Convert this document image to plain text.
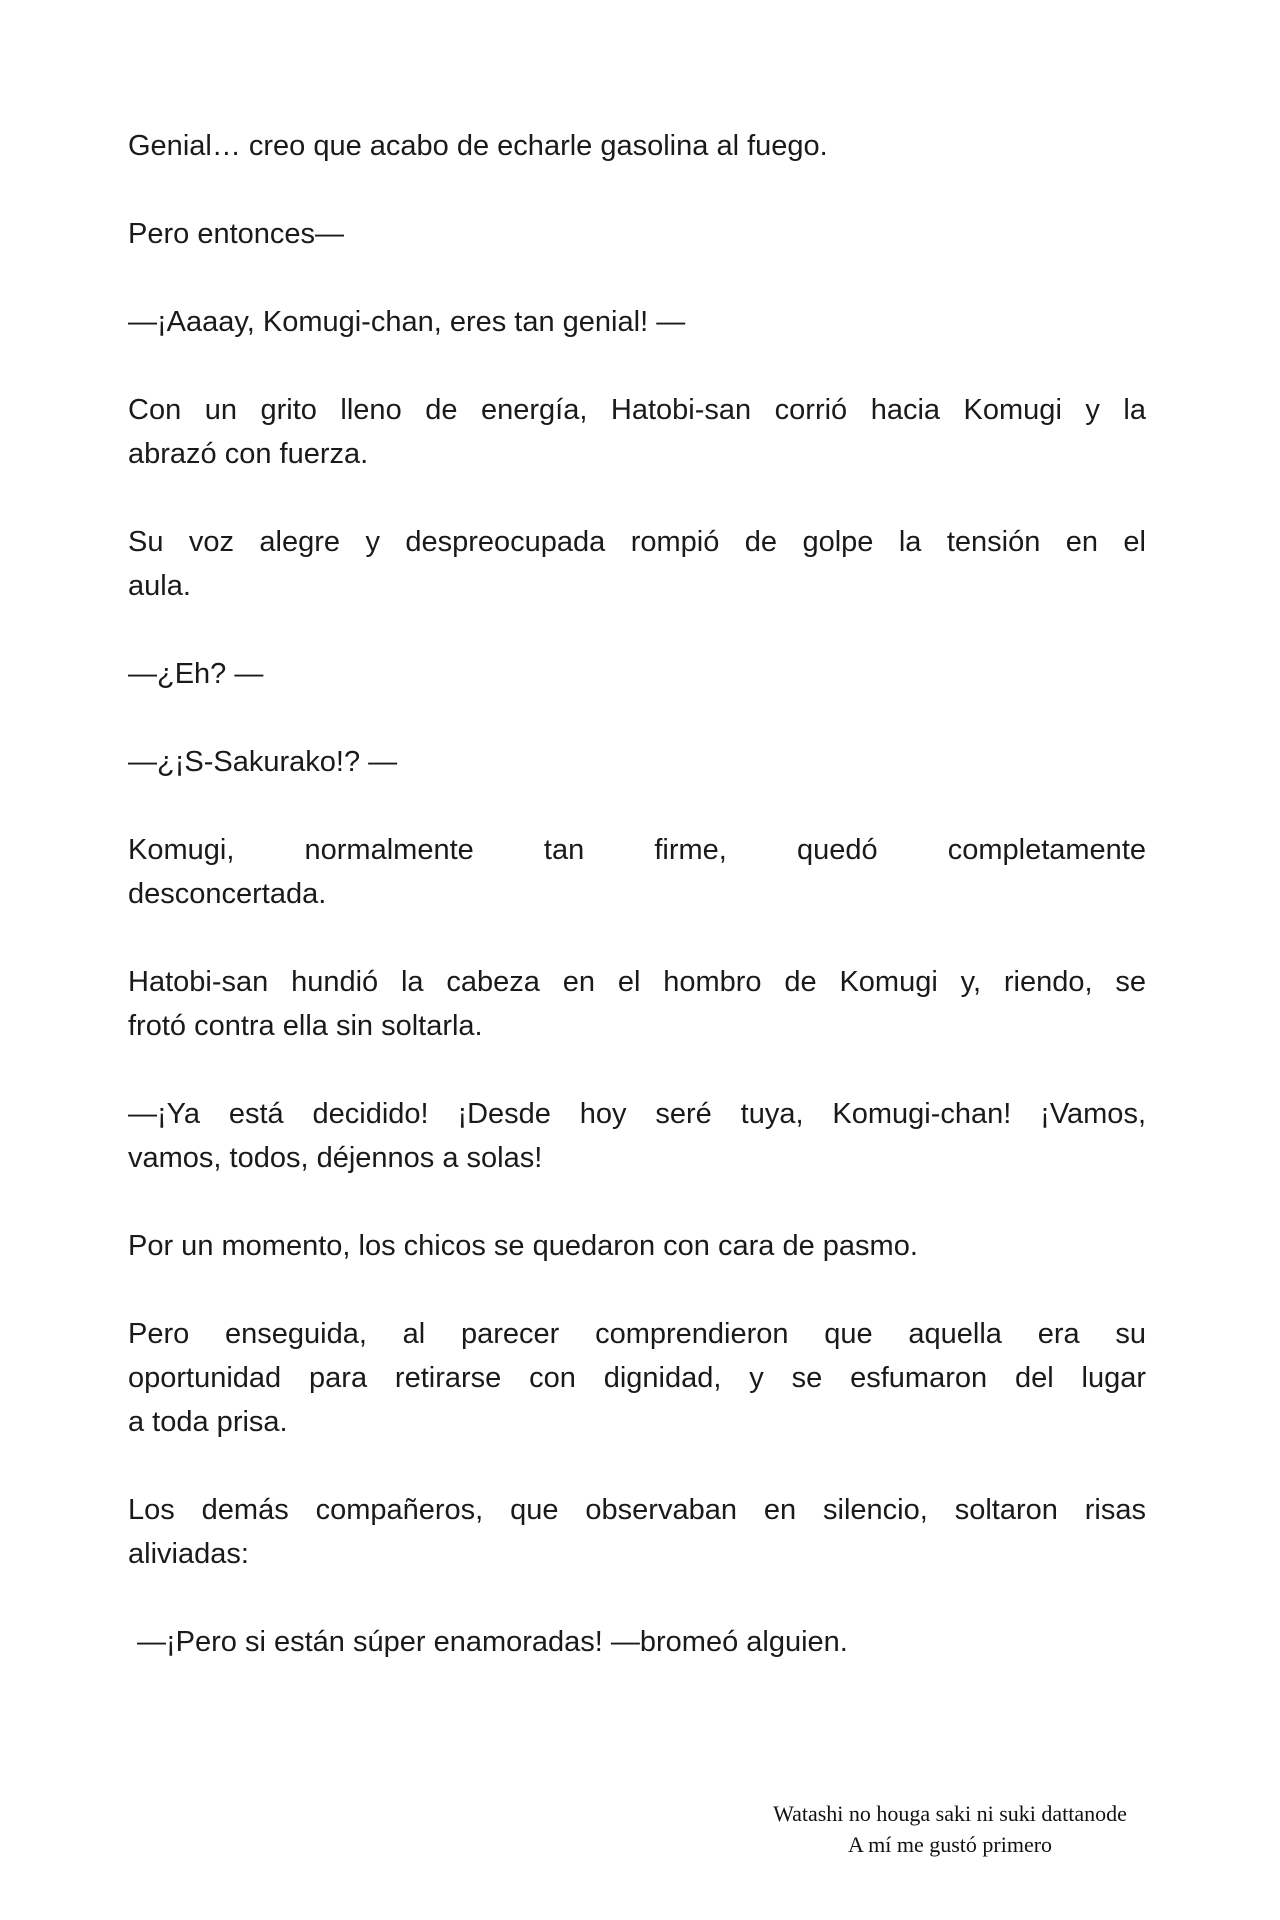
Genial… creo que acabo de echarle gasolina al fuego.
Pero entonces—
—¡Aaaay, Komugi-chan, eres tan genial! —
Con un grito lleno de energía, Hatobi-san corrió hacia Komugi y la
abrazó con fuerza.
Su voz alegre y despreocupada rompió de golpe la tensión en el
aula.
—¿Eh? —
—¿¡S-Sakurako!? —
Komugi, normalmente tan firme, quedó completamente
desconcertada.
Hatobi-san hundió la cabeza en el hombro de Komugi y, riendo, se
frotó contra ella sin soltarla.
—¡Ya está decidido! ¡Desde hoy seré tuya, Komugi-chan! ¡Vamos,
vamos, todos, déjennos a solas!
Por un momento, los chicos se quedaron con cara de pasmo.
Pero enseguida, al parecer comprendieron que aquella era su
oportunidad para retirarse con dignidad, y se esfumaron del lugar
a toda prisa.
Los demás compañeros, que observaban en silencio, soltaron risas
aliviadas:
—¡Pero si están súper enamoradas! —bromeó alguien.
Watashi no houga saki ni suki dattanode
A mí me gustó primero
